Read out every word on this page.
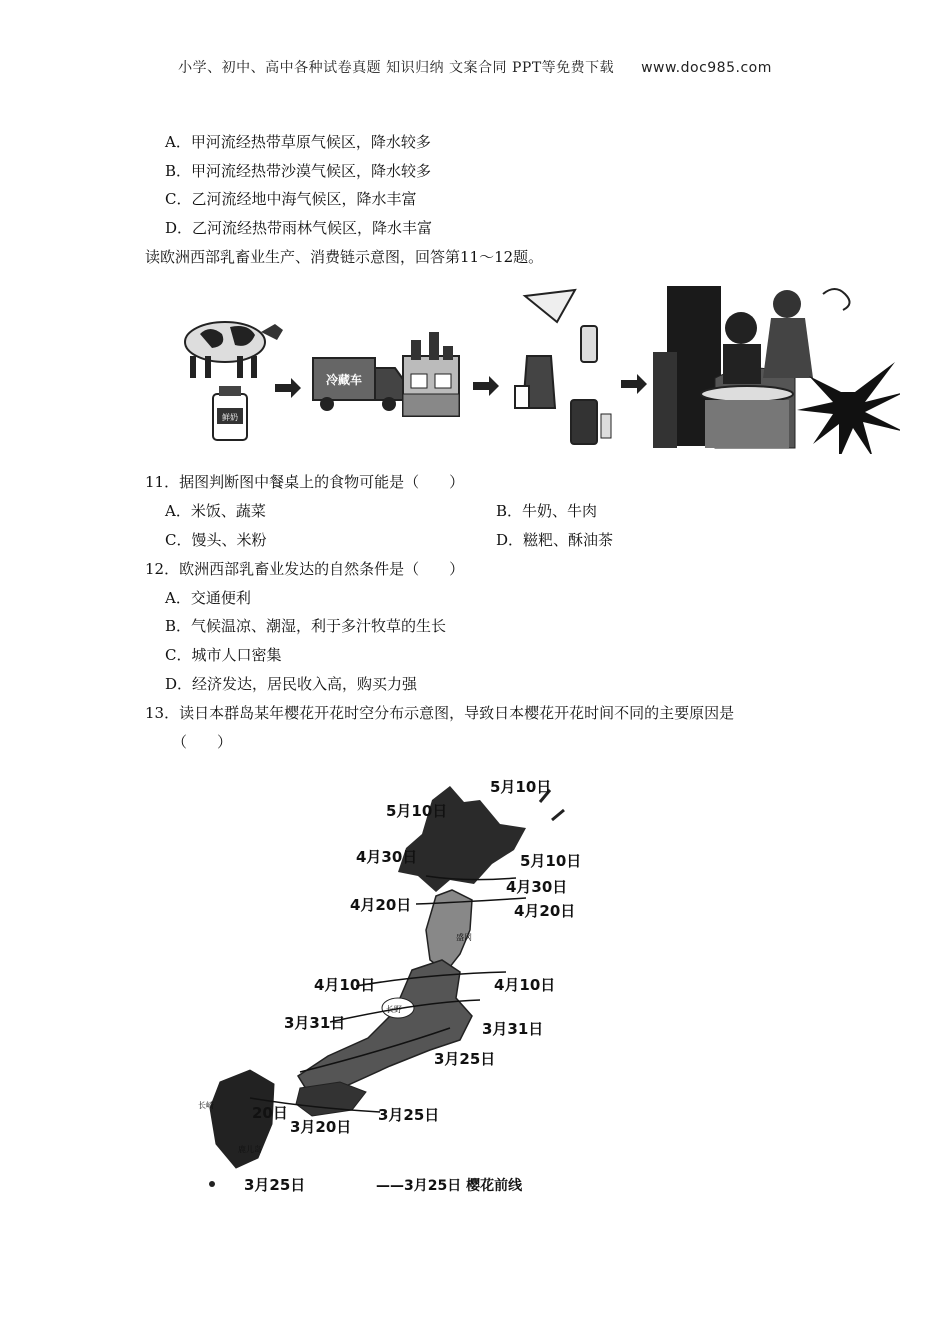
小学、初中、高中各种试卷真题 知识归纳 文案合同 PPT等免费下载 www.doc985.com
A．甲河流经热带草原气候区，降水较多
B．甲河流经热带沙漠气候区，降水较多
C．乙河流经地中海气候区，降水丰富
D．乙河流经热带雨林气候区，降水丰富
读欧洲西部乳畜业生产、消费链示意图，回答第11～12题。
鲜奶
冷藏车
11．据图判断图中餐桌上的食物可能是（　　）
A．米饭、蔬菜	B．牛奶、牛肉
C．馒头、米粉	D．糍粑、酥油茶
12．欧洲西部乳畜业发达的自然条件是（　　）
A．交通便利
B．气候温凉、潮湿，利于多汁牧草的生长
C．城市人口密集
D．经济发达，居民收入高，购买力强
13．读日本群岛某年樱花开花时空分布示意图，导致日本樱花开花时间不同的主要原因是
（　　）
5月10日
5月10日
4月30日	5月10日
4月30日
4月20日	4月20日
4月10日	4月10日
3月31日	3月31日
3月25日
20日
3月20日
3月25日
3月25日
盛冈
长野
长崎
鹿儿岛
——3月25日 樱花前线
